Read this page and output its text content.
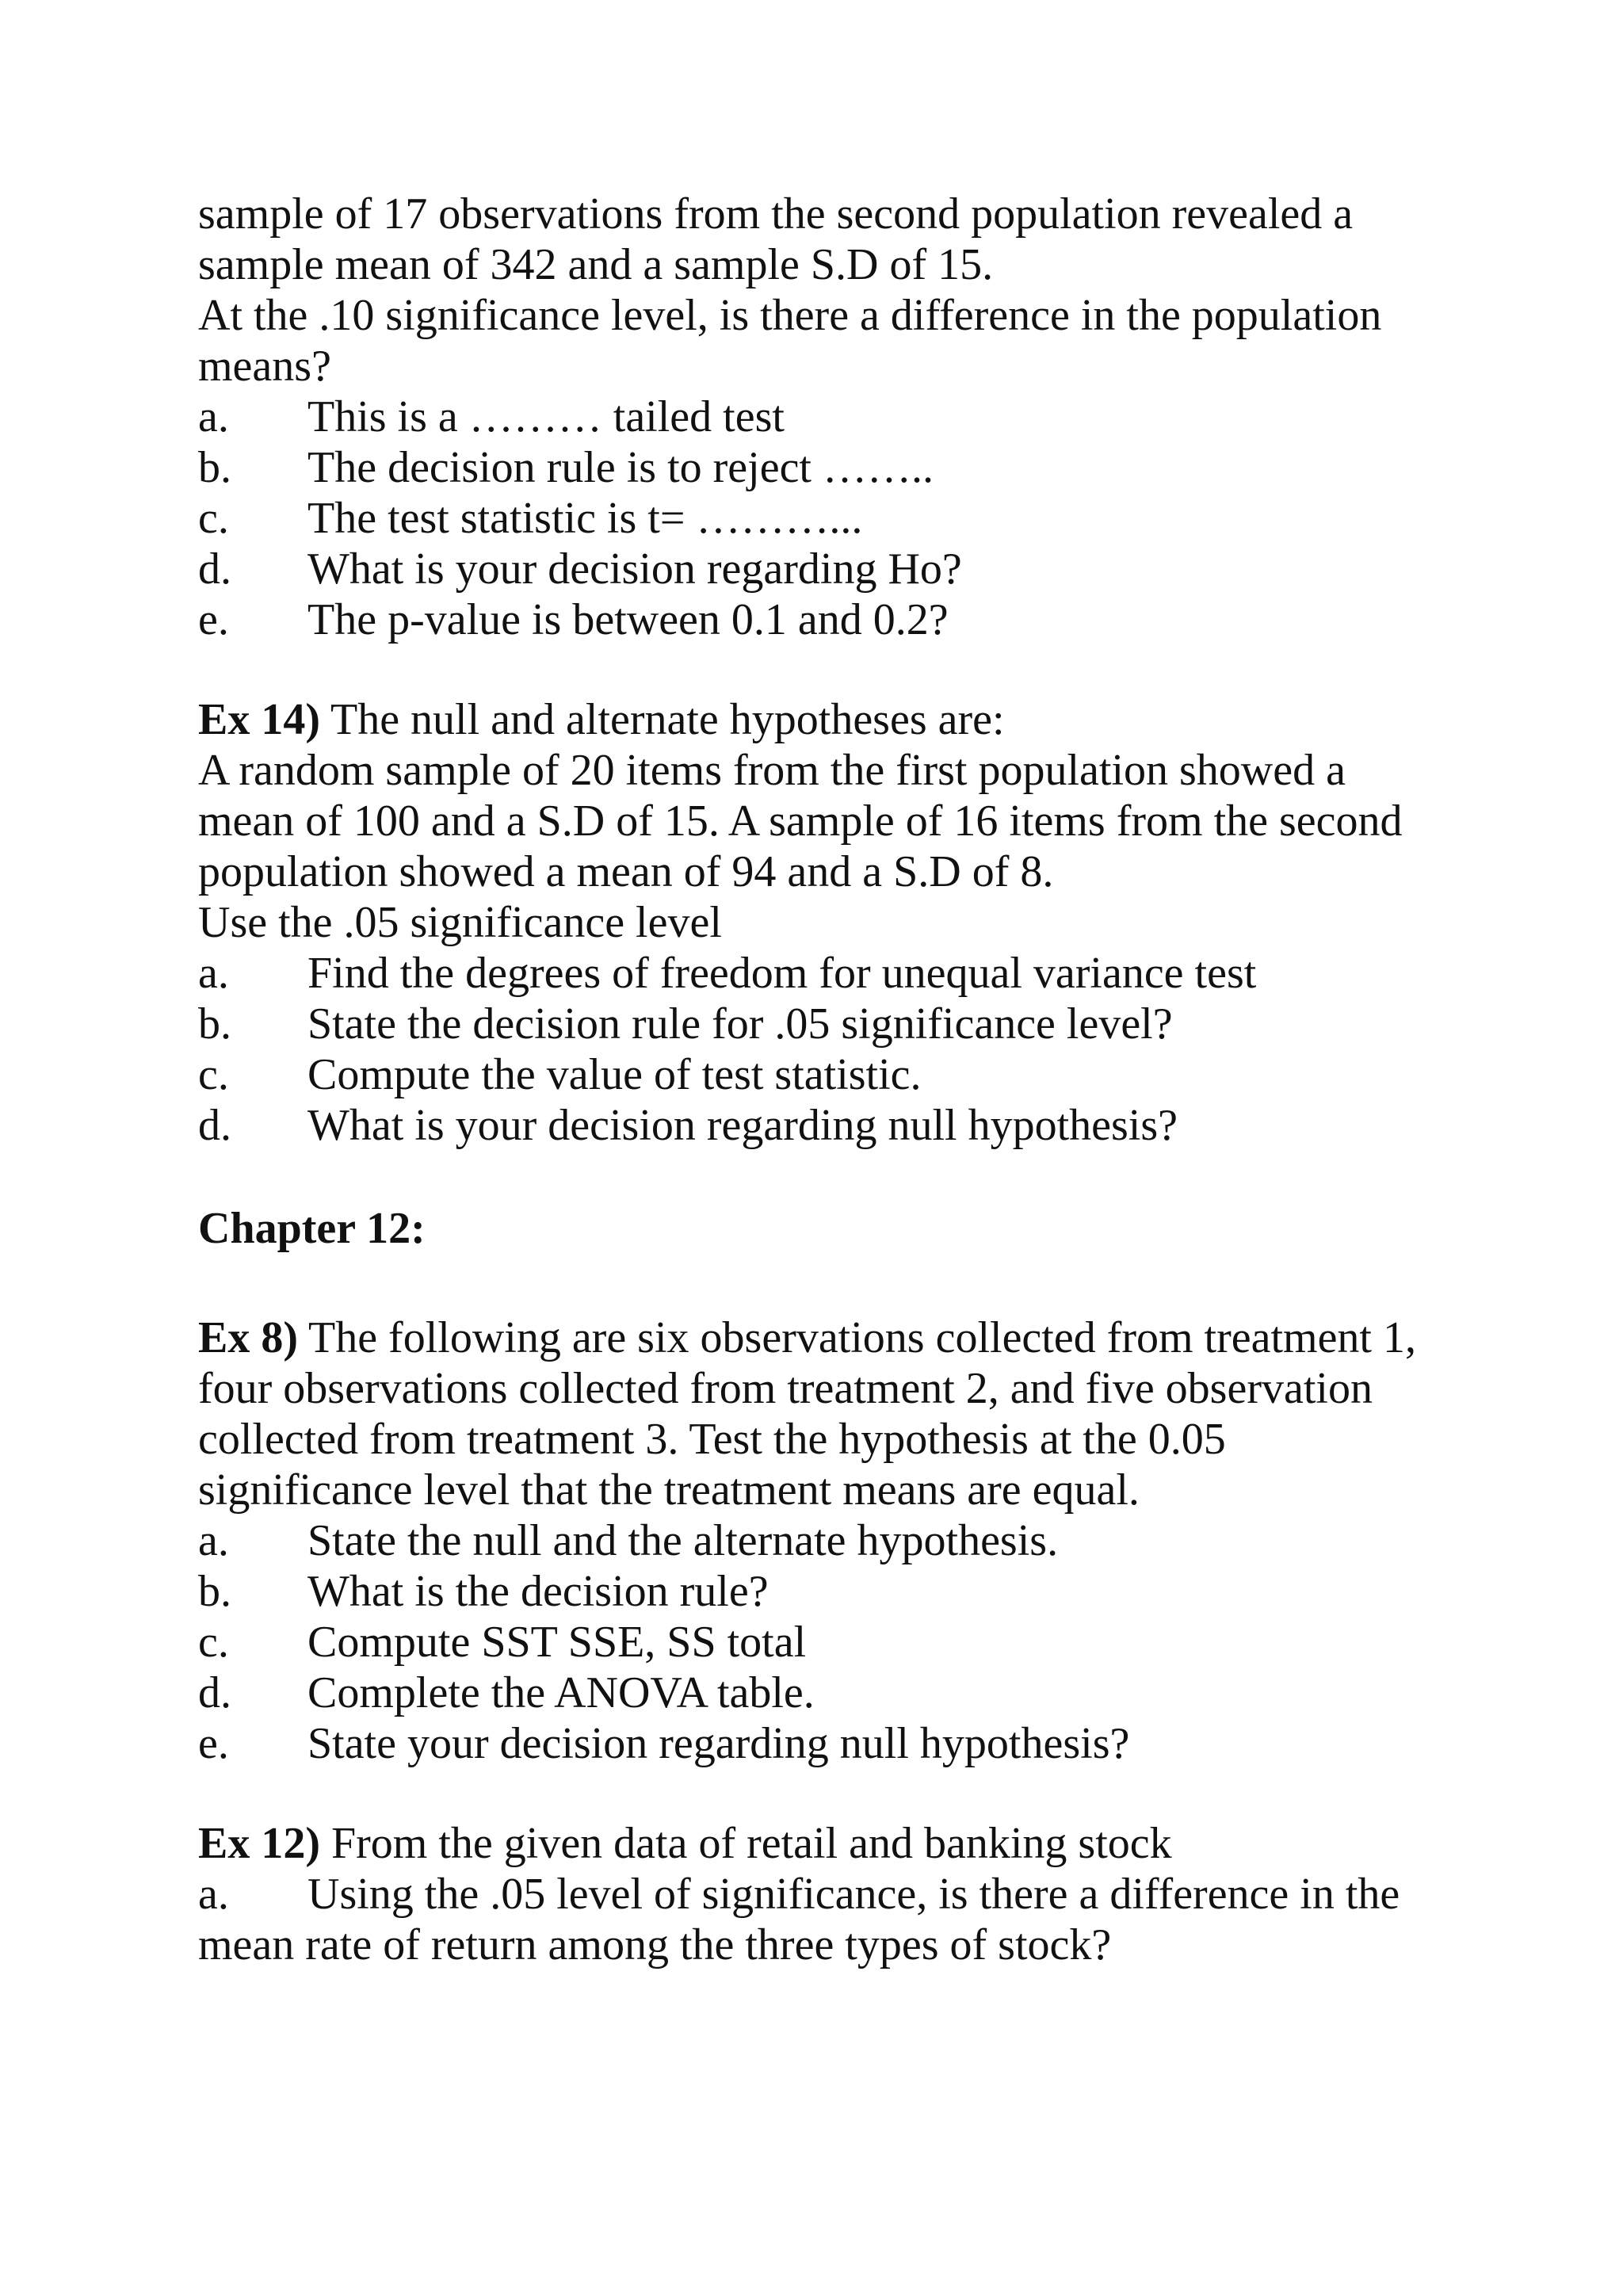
sample of 17 observations from the second population revealed a

sample mean of 342 and a sample S.D of 15.

At the .10 significance level, is there a difference in the population

means?

a.	This is a ……… tailed test
b.	The decision rule is to reject ……..
c.	The test statistic is t= ………...
d.	What is your decision regarding Ho?
e.	The p-value is between 0.1 and 0.2?

Ex 14) The null and alternate hypotheses are:

A random sample of 20 items from the first population showed a

mean of 100 and a S.D of 15. A sample of 16 items from the second

population showed a mean of 94 and a S.D of 8.

Use the .05 significance level

a.	Find the degrees of freedom for unequal variance test
b.	State the decision rule for .05 significance level?
c.	Compute the value of test statistic.
d.	What is your decision regarding null hypothesis?

Chapter 12:

Ex 8) The following are six observations collected from treatment 1,

four observations collected from treatment 2, and five observation

collected from treatment 3. Test the hypothesis at the 0.05

significance level that the treatment means are equal.

a.	State the null and the alternate hypothesis.
b.	What is the decision rule?
c.	Compute SST SSE, SS total
d.	Complete the ANOVA table.
e.	State your decision regarding null hypothesis?

Ex 12) From the given data of retail and banking stock

a.	Using the .05 level of significance, is there a difference in the

mean rate of return among the three types of stock?
